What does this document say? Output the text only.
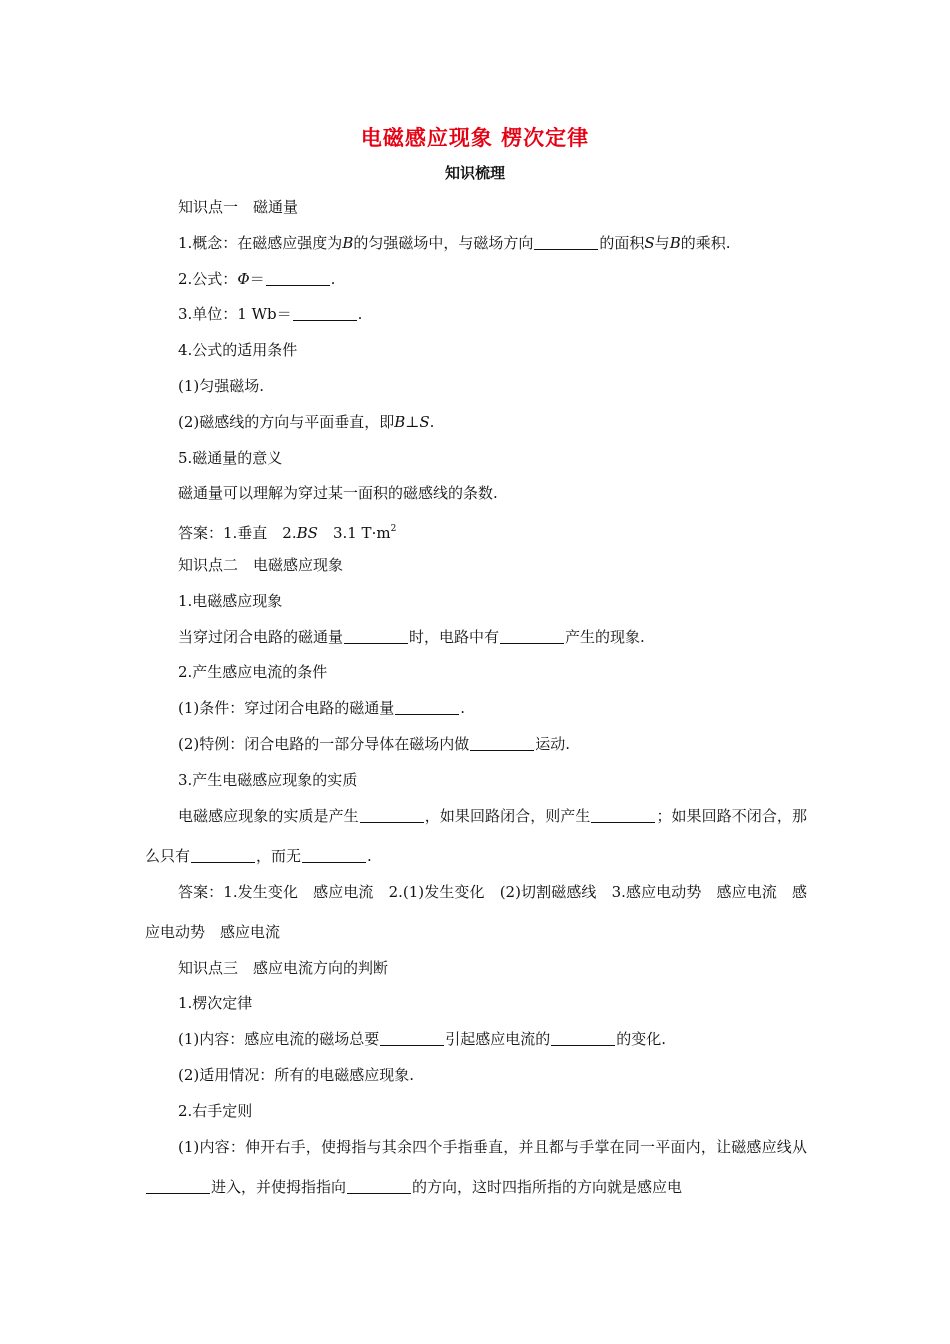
电磁感应现象 楞次定律
知识梳理
知识点一　磁通量
1.概念：在磁感应强度为B的匀强磁场中，与磁场方向	的面积S与B的乘积.
2.公式：Φ＝	.
3.单位：1 Wb＝	.
4.公式的适用条件
(1)匀强磁场.
(2)磁感线的方向与平面垂直，即B⊥S.
5.磁通量的意义
磁通量可以理解为穿过某一面积的磁感线的条数.
答案：1.垂直　2.BS　3.1 $T\cdot m^2$
知识点二　电磁感应现象
1.电磁感应现象
当穿过闭合电路的磁通量	时，电路中有	产生的现象.
2.产生感应电流的条件
(1)条件：穿过闭合电路的磁通量	.
(2)特例：闭合电路的一部分导体在磁场内做	运动.
3.产生电磁感应现象的实质
电磁感应现象的实质是产生	，如果回路闭合，则产生	；如果回路不闭合，那么只有	，而无	.
答案：1.发生变化　感应电流　2.(1)发生变化　(2)切割磁感线　3.感应电动势　感应电流　感应电动势　感应电流
知识点三　感应电流方向的判断
1.楞次定律
(1)内容：感应电流的磁场总要	引起感应电流的	的变化.
(2)适用情况：所有的电磁感应现象.
2.右手定则
(1)内容：伸开右手，使拇指与其余四个手指垂直，并且都与手掌在同一平面内，让磁感应线从进入，并使拇指指向	的方向，这时四指所指的方向就是感应电
